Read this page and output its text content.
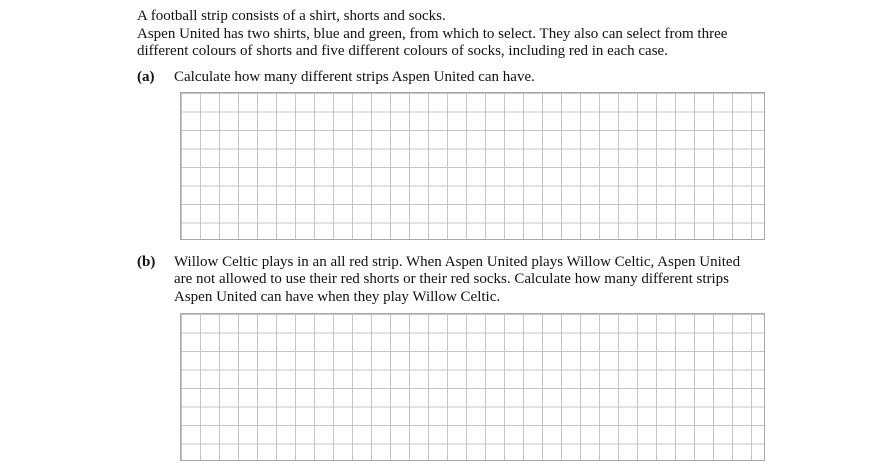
A football strip consists of a shirt, shorts and socks.
Aspen United has two shirts, blue and green, from which to select. They also can select from three
different colours of shorts and five different colours of socks, including red in each case.
(a) Calculate how many different strips Aspen United can have.
(b) Willow Celtic plays in an all red strip. When Aspen United plays Willow Celtic, Aspen United
are not allowed to use their red shorts or their red socks. Calculate how many different strips
Aspen United can have when they play Willow Celtic.
